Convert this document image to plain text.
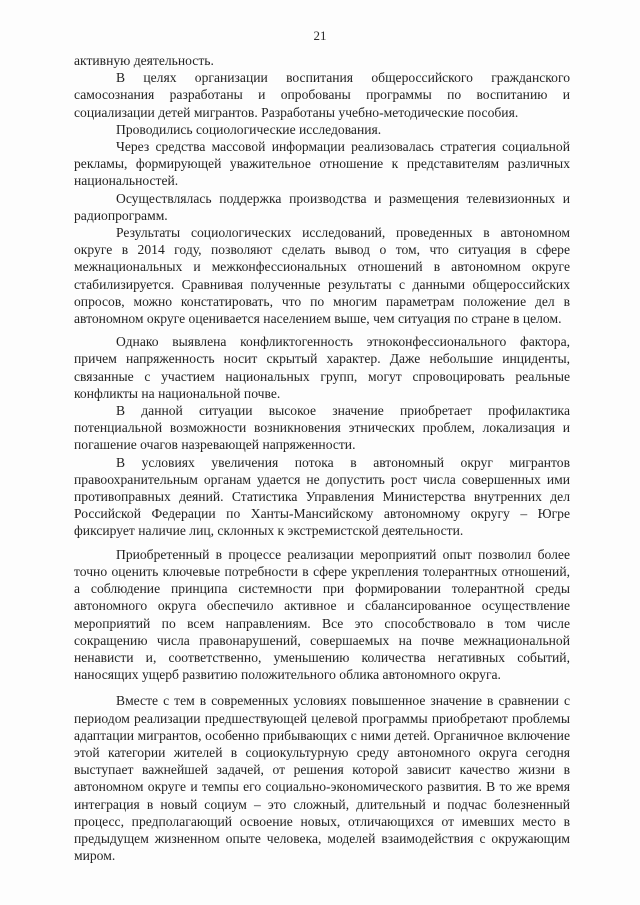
21

активную деятельность.

В целях организации воспитания общероссийского гражданского самосознания разработаны и опробованы программы по воспитанию и социализации детей мигрантов. Разработаны учебно-методические пособия.

Проводились социологические исследования.

Через средства массовой информации реализовалась стратегия социальной рекламы, формирующей уважительное отношение к представителям различных национальностей.

Осуществлялась поддержка производства и размещения телевизионных и радиопрограмм.

Результаты социологических исследований, проведенных в автономном округе в 2014 году, позволяют сделать вывод о том, что ситуация в сфере межнациональных и межконфессиональных отношений в автономном округе стабилизируется. Сравнивая полученные результаты с данными общероссийских опросов, можно констатировать, что по многим параметрам положение дел в автономном округе оценивается населением выше, чем ситуация по стране в целом.

Однако выявлена конфликтогенность этноконфессионального фактора, причем напряженность носит скрытый характер. Даже небольшие инциденты, связанные с участием национальных групп, могут спровоцировать реальные конфликты на национальной почве.

В данной ситуации высокое значение приобретает профилактика потенциальной возможности возникновения этнических проблем, локализация и погашение очагов назревающей напряженности.

В условиях увеличения потока в автономный округ мигрантов правоохранительным органам удается не допустить рост числа совершенных ими противоправных деяний. Статистика Управления Министерства внутренних дел Российской Федерации по Ханты-Мансийскому автономному округу – Югре фиксирует наличие лиц, склонных к экстремистской деятельности.

Приобретенный в процессе реализации мероприятий опыт позволил более точно оценить ключевые потребности в сфере укрепления толерантных отношений, а соблюдение принципа системности при формировании толерантной среды автономного округа обеспечило активное и сбалансированное осуществление мероприятий по всем направлениям. Все это способствовало в том числе сокращению числа правонарушений, совершаемых на почве межнациональной ненависти и, соответственно, уменьшению количества негативных событий, наносящих ущерб развитию положительного облика автономного округа.

Вместе с тем в современных условиях повышенное значение в сравнении с периодом реализации предшествующей целевой программы приобретают проблемы адаптации мигрантов, особенно прибывающих с ними детей. Органичное включение этой категории жителей в социокультурную среду автономного округа сегодня выступает важнейшей задачей, от решения которой зависит качество жизни в автономном округе и темпы его социально-экономического развития. В то же время интеграция в новый социум – это сложный, длительный и подчас болезненный процесс, предполагающий освоение новых, отличающихся от имевших место в предыдущем жизненном опыте человека, моделей взаимодействия с окружающим миром.
